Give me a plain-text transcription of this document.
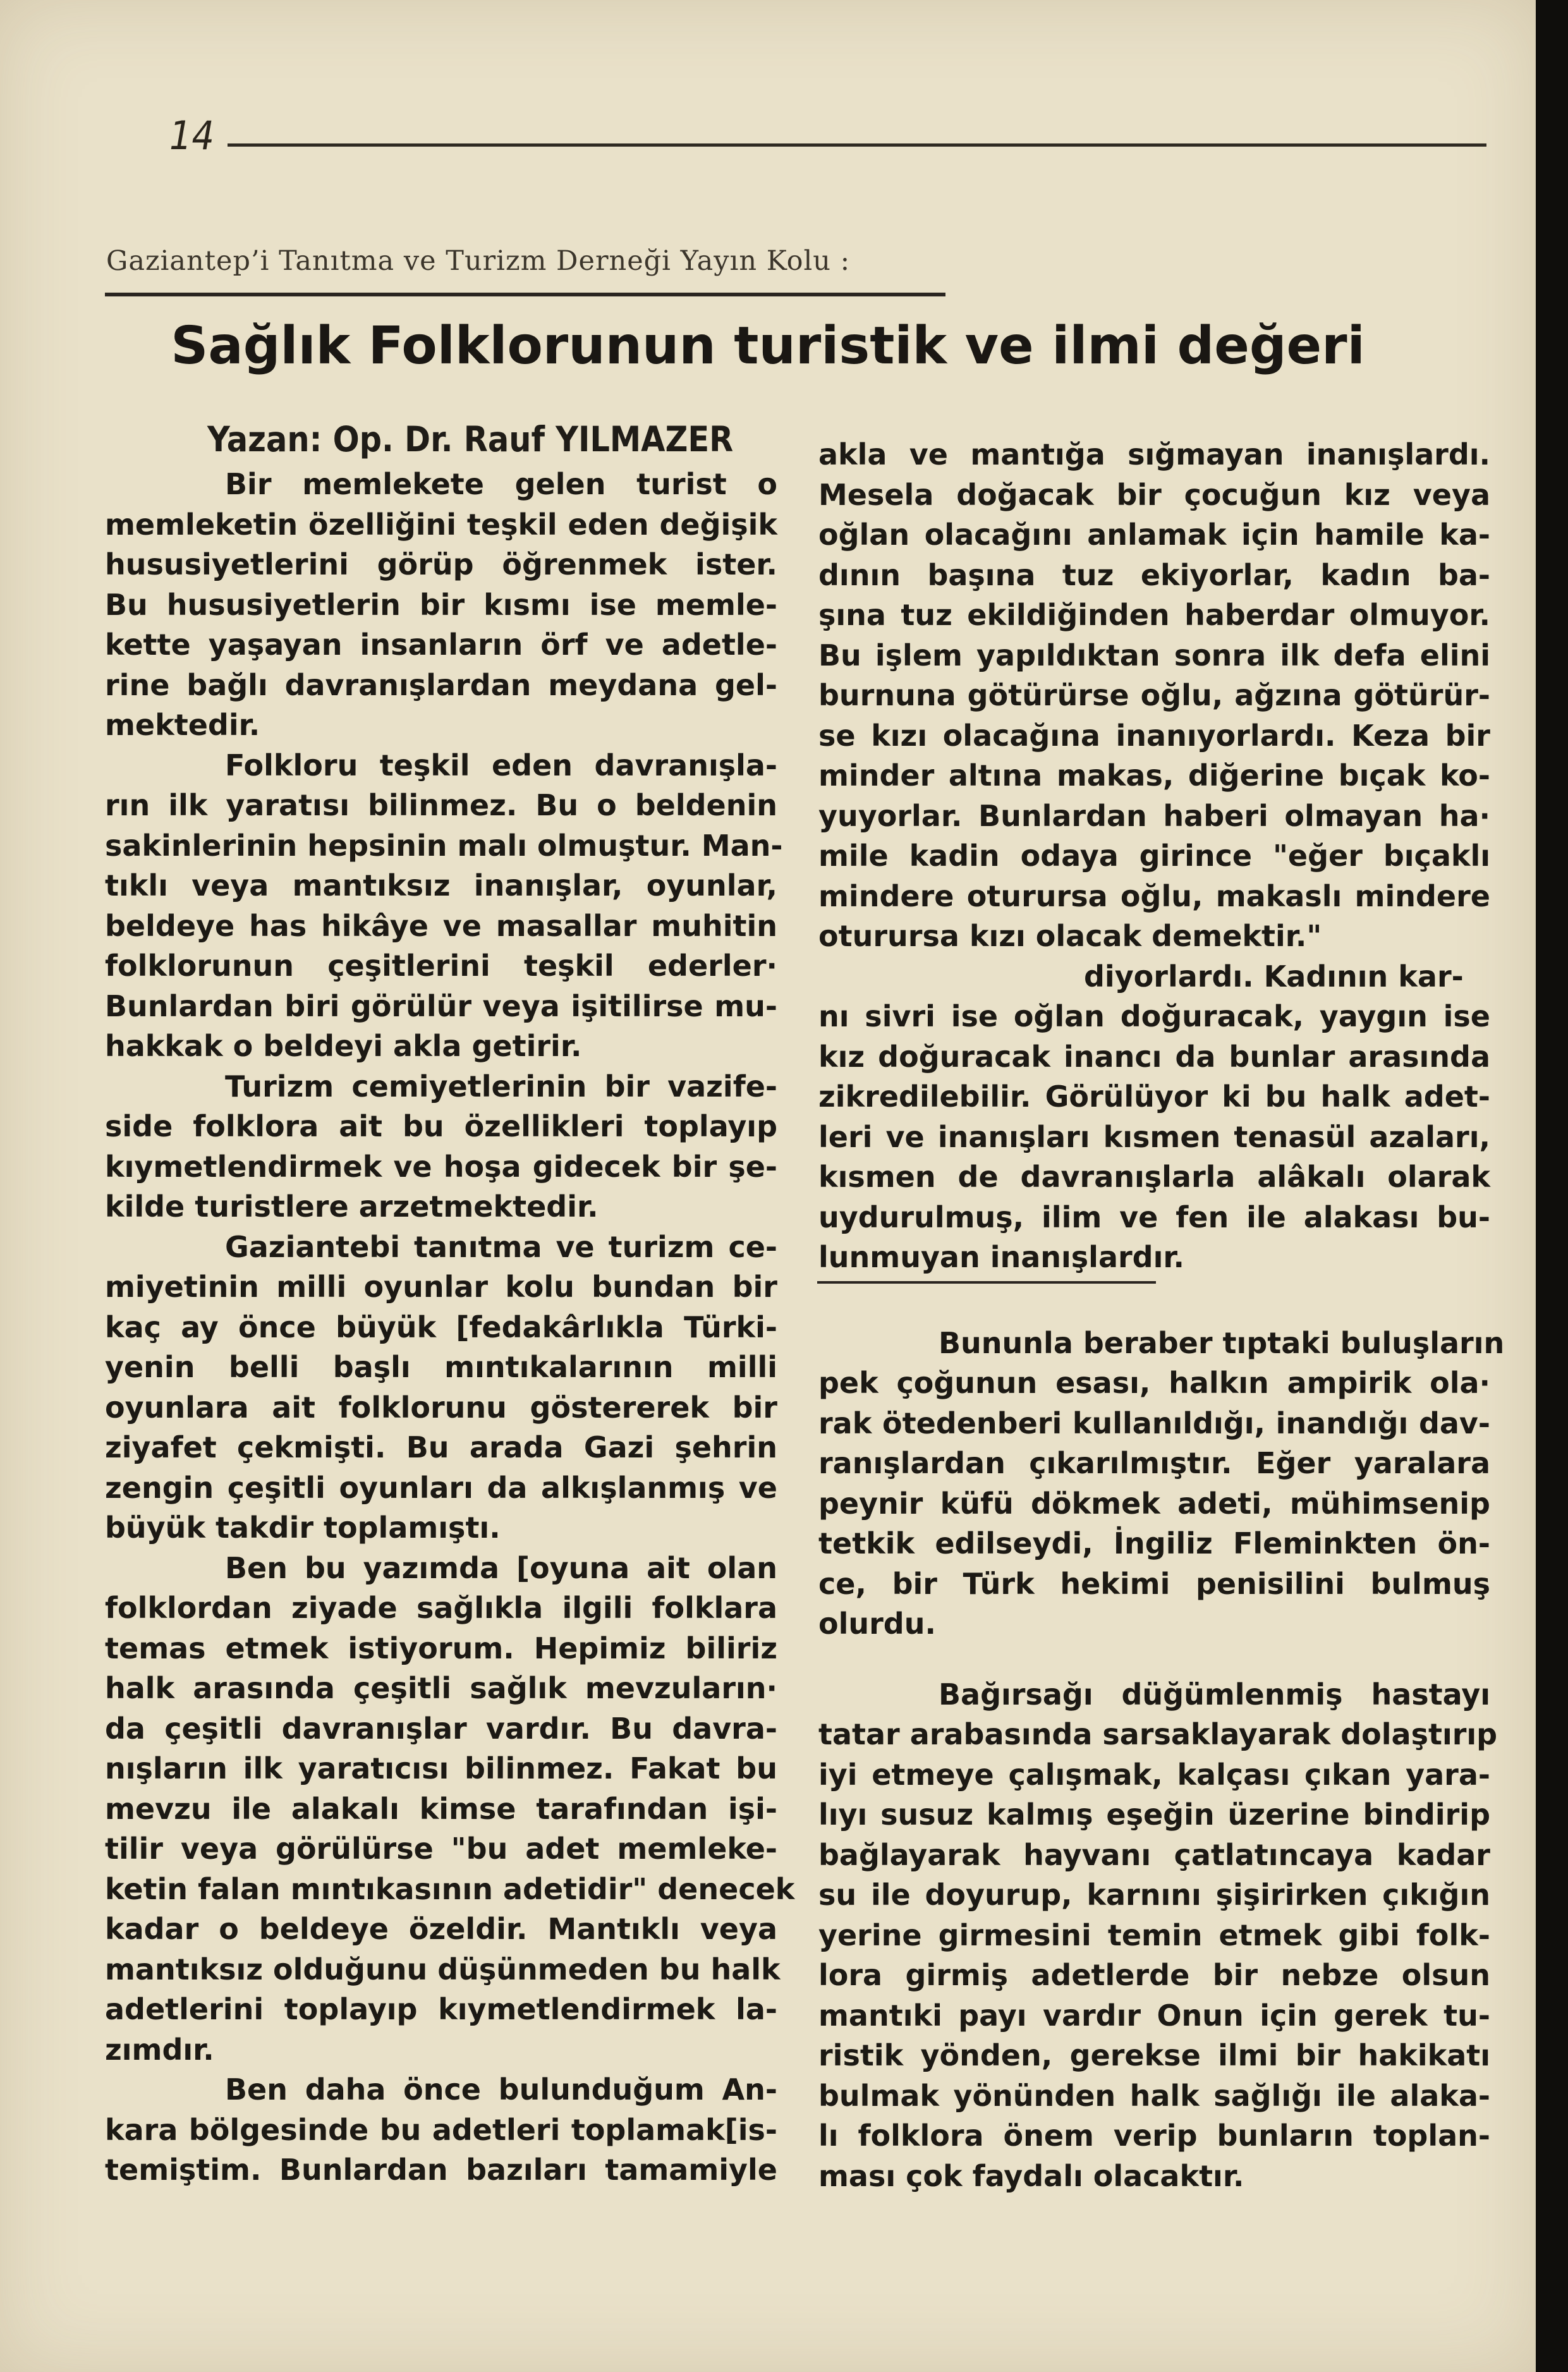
14

Gaziantep’i Tanıtma ve Turizm Derneği Yayın Kolu :

Sağlık Folklorunun turistik ve ilmi değeri

Yazan: Op. Dr. Rauf YILMAZER

Bir memlekete gelen turist o
memleketin özelliğini teşkil eden değişik
hususiyetlerini görüp öğrenmek ister.
Bu hususiyetlerin bir kısmı ise memle-
kette yaşayan insanların örf ve adetle-
rine bağlı davranışlardan meydana gel-
mektedir.
Folkloru teşkil eden davranışla-
rın ilk yaratısı bilinmez. Bu o beldenin
sakinlerinin hepsinin malı olmuştur. Man-
tıklı veya mantıksız inanışlar, oyunlar,
beldeye has hikâye ve masallar muhitin
folklorunun çeşitlerini teşkil ederler·
Bunlardan biri görülür veya işitilirse mu-
hakkak o beldeyi akla getirir.
Turizm cemiyetlerinin bir vazife-
side folklora ait bu özellikleri toplayıp
kıymetlendirmek ve hoşa gidecek bir şe-
kilde turistlere arzetmektedir.
Gaziantebi tanıtma ve turizm ce-
miyetinin milli oyunlar kolu bundan bir
kaç ay önce büyük [fedakârlıkla Türki-
yenin belli başlı mıntıkalarının milli
oyunlara ait folklorunu göstererek bir
ziyafet çekmişti. Bu arada Gazi şehrin
zengin çeşitli oyunları da alkışlanmış ve
büyük takdir toplamıştı.
Ben bu yazımda [oyuna ait olan
folklordan ziyade sağlıkla ilgili folklara
temas etmek istiyorum. Hepimiz biliriz
halk arasında çeşitli sağlık mevzuların·
da çeşitli davranışlar vardır. Bu davra-
nışların ilk yaratıcısı bilinmez. Fakat bu
mevzu ile alakalı kimse tarafından işi-
tilir veya görülürse "bu adet memleke-
ketin falan mıntıkasının adetidir" denecek
kadar o beldeye özeldir. Mantıklı veya
mantıksız olduğunu düşünmeden bu halk
adetlerini toplayıp kıymetlendirmek la-
zımdır.
Ben daha önce bulunduğum An-
kara bölgesinde bu adetleri toplamak[is-
temiştim. Bunlardan bazıları tamamiyle
akla ve mantığa sığmayan inanışlardı.
Mesela doğacak bir çocuğun kız veya
oğlan olacağını anlamak için hamile ka-
dının başına tuz ekiyorlar, kadın ba-
şına tuz ekildiğinden haberdar olmuyor.
Bu işlem yapıldıktan sonra ilk defa elini
burnuna götürürse oğlu, ağzına götürür-
se kızı olacağına inanıyorlardı. Keza bir
minder altına makas, diğerine bıçak ko-
yuyorlar. Bunlardan haberi olmayan ha·
mile kadin odaya girince "eğer bıçaklı
mindere oturursa oğlu, makaslı mindere
oturursa kızı olacak demektir."
diyorlardı. Kadının kar-
nı sivri ise oğlan doğuracak, yaygın ise
kız doğuracak inancı da bunlar arasında
zikredilebilir. Görülüyor ki bu halk adet-
leri ve inanışları kısmen tenasül azaları,
kısmen de davranışlarla alâkalı olarak
uydurulmuş, ilim ve fen ile alakası bu-
lunmuyan inanışlardır.
Bununla beraber tıptaki buluşların
pek çoğunun esası, halkın ampirik ola·
rak ötedenberi kullanıldığı, inandığı dav-
ranışlardan çıkarılmıştır. Eğer yaralara
peynir küfü dökmek adeti, mühimsenip
tetkik edilseydi, İngiliz Fleminkten ön-
ce, bir Türk hekimi penisilini bulmuş
olurdu.
Bağırsağı düğümlenmiş hastayı
tatar arabasında sarsaklayarak dolaştırıp
iyi etmeye çalışmak, kalçası çıkan yara-
lıyı susuz kalmış eşeğin üzerine bindirip
bağlayarak hayvanı çatlatıncaya kadar
su ile doyurup, karnını şişirirken çıkığın
yerine girmesini temin etmek gibi folk-
lora girmiş adetlerde bir nebze olsun
mantıki payı vardır Onun için gerek tu-
ristik yönden, gerekse ilmi bir hakikatı
bulmak yönünden halk sağlığı ile alaka-
lı folklora önem verip bunların toplan-
ması çok faydalı olacaktır.
